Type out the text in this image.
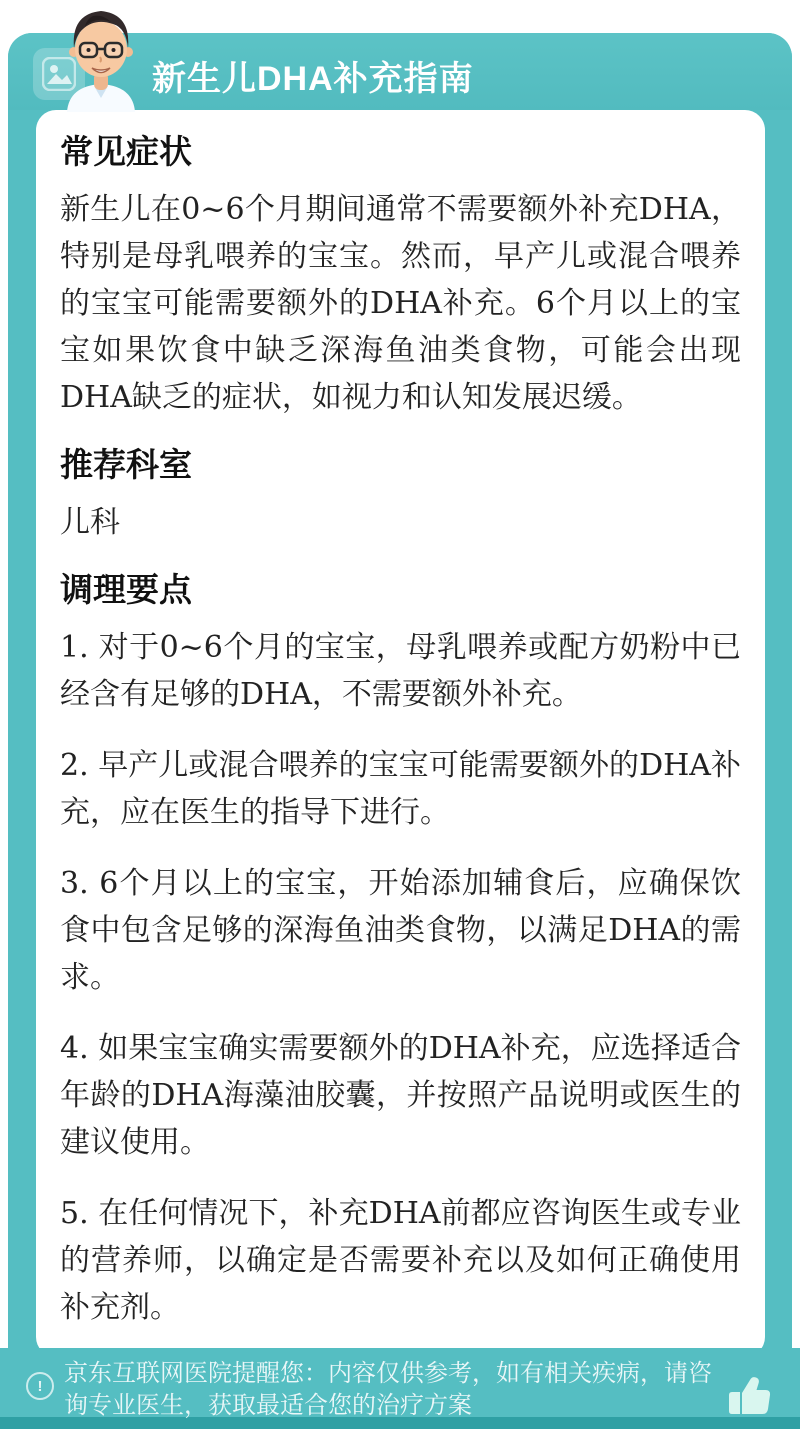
新生儿DHA补充指南
常见症状

新生儿在0~6个月期间通常不需要额外补充DHA，特别是母乳喂养的宝宝。然而，早产儿或混合喂养的宝宝可能需要额外的DHA补充。6个月以上的宝宝如果饮食中缺乏深海鱼油类食物，可能会出现DHA缺乏的症状，如视力和认知发展迟缓。

推荐科室

儿科

调理要点

1. 对于0~6个月的宝宝，母乳喂养或配方奶粉中已经含有足够的DHA，不需要额外补充。

2. 早产儿或混合喂养的宝宝可能需要额外的DHA补充，应在医生的指导下进行。

3. 6个月以上的宝宝，开始添加辅食后，应确保饮食中包含足够的深海鱼油类食物，以满足DHA的需求。

4. 如果宝宝确实需要额外的DHA补充，应选择适合年龄的DHA海藻油胶囊，并按照产品说明或医生的建议使用。

5. 在任何情况下，补充DHA前都应咨询医生或专业的营养师，以确定是否需要补充以及如何正确使用补充剂。

! 京东互联网医院提醒您：内容仅供参考，如有相关疾病，请咨询专业医生，获取最适合您的治疗方案
